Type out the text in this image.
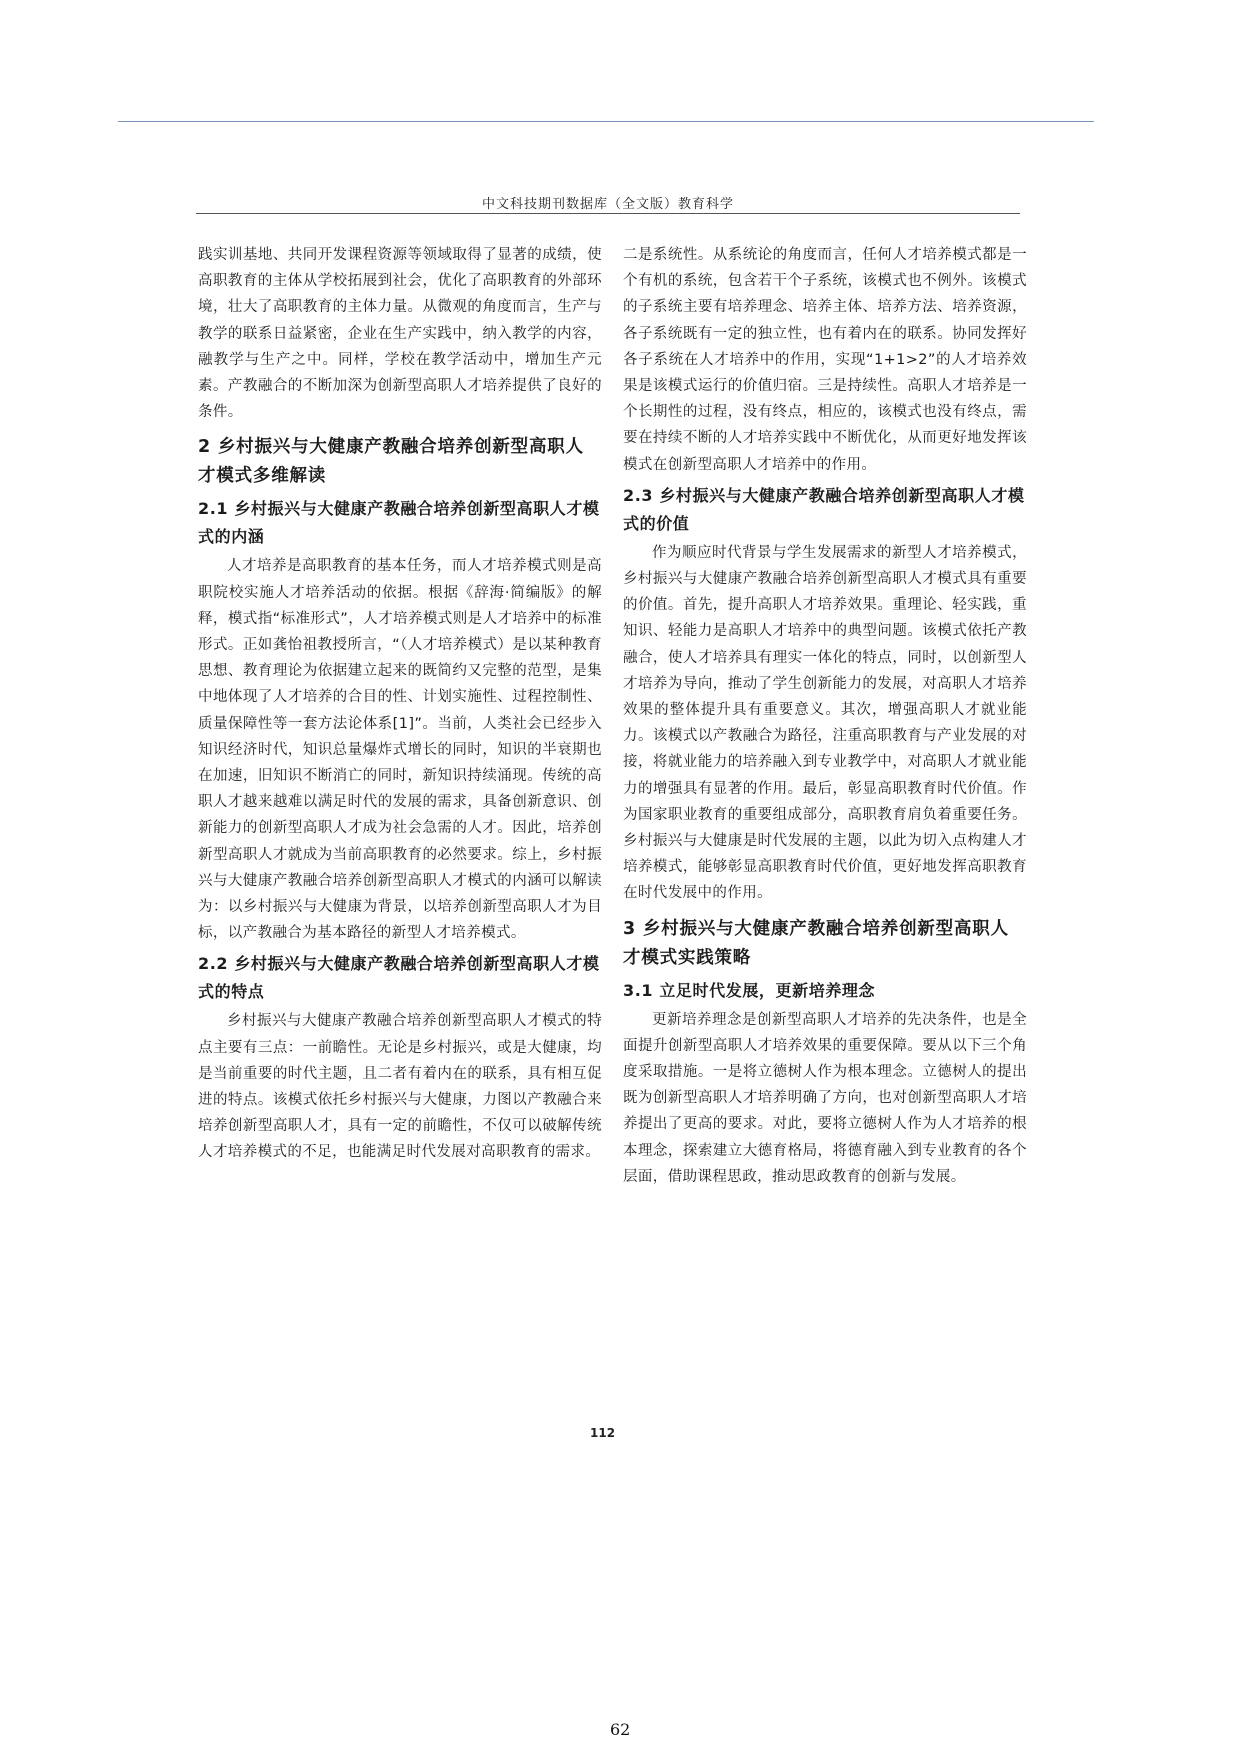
中文科技期刊数据库（全文版）教育科学

践实训基地、共同开发课程资源等领域取得了显著的成绩，使高职教育的主体从学校拓展到社会，优化了高职教育的外部环境，壮大了高职教育的主体力量。从微观的角度而言，生产与教学的联系日益紧密，企业在生产实践中，纳入教学的内容，融教学与生产之中。同样，学校在教学活动中，增加生产元素。产教融合的不断加深为创新型高职人才培养提供了良好的条件。

2 乡村振兴与大健康产教融合培养创新型高职人才模式多维解读
2.1 乡村振兴与大健康产教融合培养创新型高职人才模式的内涵

人才培养是高职教育的基本任务，而人才培养模式则是高职院校实施人才培养活动的依据。根据《辞海·简编版》的解释，模式指“标准形式”，人才培养模式则是人才培养中的标准形式。正如龚怡祖教授所言，“（人才培养模式）是以某种教育思想、教育理论为依据建立起来的既简约又完整的范型，是集中地体现了人才培养的合目的性、计划实施性、过程控制性、质量保障性等一套方法论体系[1]”。当前，人类社会已经步入知识经济时代，知识总量爆炸式增长的同时，知识的半衰期也在加速，旧知识不断消亡的同时，新知识持续涌现。传统的高职人才越来越难以满足时代的发展的需求，具备创新意识、创新能力的创新型高职人才成为社会急需的人才。因此，培养创新型高职人才就成为当前高职教育的必然要求。综上，乡村振兴与大健康产教融合培养创新型高职人才模式的内涵可以解读为：以乡村振兴与大健康为背景，以培养创新型高职人才为目标，以产教融合为基本路径的新型人才培养模式。

2.2 乡村振兴与大健康产教融合培养创新型高职人才模式的特点

乡村振兴与大健康产教融合培养创新型高职人才模式的特点主要有三点：一前瞻性。无论是乡村振兴，或是大健康，均是当前重要的时代主题，且二者有着内在的联系，具有相互促进的特点。该模式依托乡村振兴与大健康，力图以产教融合来培养创新型高职人才，具有一定的前瞻性，不仅可以破解传统人才培养模式的不足，也能满足时代发展对高职教育的需求。

二是系统性。从系统论的角度而言，任何人才培养模式都是一个有机的系统，包含若干个子系统，该模式也不例外。该模式的子系统主要有培养理念、培养主体、培养方法、培养资源，各子系统既有一定的独立性，也有着内在的联系。协同发挥好各子系统在人才培养中的作用，实现“1+1>2”的人才培养效果是该模式运行的价值归宿。三是持续性。高职人才培养是一个长期性的过程，没有终点，相应的，该模式也没有终点，需要在持续不断的人才培养实践中不断优化，从而更好地发挥该模式在创新型高职人才培养中的作用。

2.3 乡村振兴与大健康产教融合培养创新型高职人才模式的价值

作为顺应时代背景与学生发展需求的新型人才培养模式，乡村振兴与大健康产教融合培养创新型高职人才模式具有重要的价值。首先，提升高职人才培养效果。重理论、轻实践，重知识、轻能力是高职人才培养中的典型问题。该模式依托产教融合，使人才培养具有理实一体化的特点，同时，以创新型人才培养为导向，推动了学生创新能力的发展，对高职人才培养效果的整体提升具有重要意义。其次，增强高职人才就业能力。该模式以产教融合为路径，注重高职教育与产业发展的对接，将就业能力的培养融入到专业教学中，对高职人才就业能力的增强具有显著的作用。最后，彰显高职教育时代价值。作为国家职业教育的重要组成部分，高职教育肩负着重要任务。乡村振兴与大健康是时代发展的主题，以此为切入点构建人才培养模式，能够彰显高职教育时代价值，更好地发挥高职教育在时代发展中的作用。

3 乡村振兴与大健康产教融合培养创新型高职人才模式实践策略
3.1 立足时代发展，更新培养理念

更新培养理念是创新型高职人才培养的先决条件，也是全面提升创新型高职人才培养效果的重要保障。要从以下三个角度采取措施。一是将立德树人作为根本理念。立德树人的提出既为创新型高职人才培养明确了方向，也对创新型高职人才培养提出了更高的要求。对此，要将立德树人作为人才培养的根本理念，探索建立大德育格局，将德育融入到专业教育的各个层面，借助课程思政，推动思政教育的创新与发展。

112
62
